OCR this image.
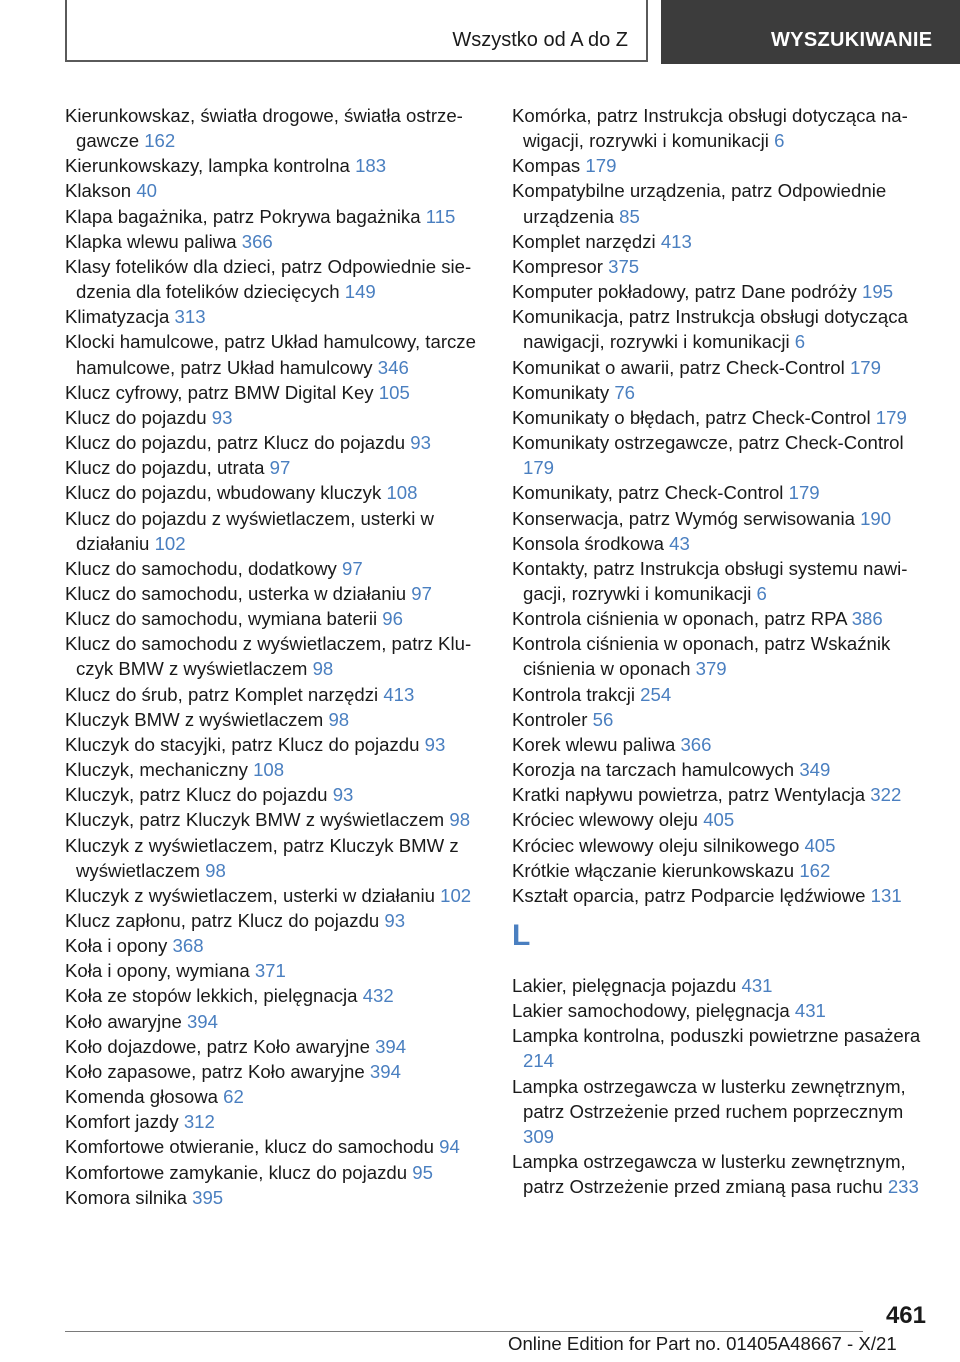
Wszystko od A do Z	WYSZUKIWANIE
Kierunkowskaz, światła drogowe, światła ostrzegawcze 162
Kierunkowskazy, lampka kontrolna 183
Klakson 40
Klapa bagażnika, patrz Pokrywa bagażnika 115
Klapka wlewu paliwa 366
Klasy fotelików dla dzieci, patrz Odpowiednie siedzenia dla fotelików dziecięcych 149
Klimatyzacja 313
Klocki hamulcowe, patrz Układ hamulcowy, tarcze hamulcowe, patrz Układ hamulcowy 346
Klucz cyfrowy, patrz BMW Digital Key 105
Klucz do pojazdu 93
Klucz do pojazdu, patrz Klucz do pojazdu 93
Klucz do pojazdu, utrata 97
Klucz do pojazdu, wbudowany kluczyk 108
Klucz do pojazdu z wyświetlaczem, usterki w działaniu 102
Klucz do samochodu, dodatkowy 97
Klucz do samochodu, usterka w działaniu 97
Klucz do samochodu, wymiana baterii 96
Klucz do samochodu z wyświetlaczem, patrz Kluczyk BMW z wyświetlaczem 98
Klucz do śrub, patrz Komplet narzędzi 413
Kluczyk BMW z wyświetlaczem 98
Kluczyk do stacyjki, patrz Klucz do pojazdu 93
Kluczyk, mechaniczny 108
Kluczyk, patrz Klucz do pojazdu 93
Kluczyk, patrz Kluczyk BMW z wyświetlaczem 98
Kluczyk z wyświetlaczem, patrz Kluczyk BMW z wyświetlaczem 98
Kluczyk z wyświetlaczem, usterki w działaniu 102
Klucz zapłonu, patrz Klucz do pojazdu 93
Koła i opony 368
Koła i opony, wymiana 371
Koła ze stopów lekkich, pielęgnacja 432
Koło awaryjne 394
Koło dojazdowe, patrz Koło awaryjne 394
Koło zapasowe, patrz Koło awaryjne 394
Komenda głosowa 62
Komfort jazdy 312
Komfortowe otwieranie, klucz do samochodu 94
Komfortowe zamykanie, klucz do pojazdu 95
Komora silnika 395
Komórka, patrz Instrukcja obsługi dotycząca nawigacji, rozrywki i komunikacji 6
Kompas 179
Kompatybilne urządzenia, patrz Odpowiednie urządzenia 85
Komplet narzędzi 413
Kompresor 375
Komputer pokładowy, patrz Dane podróży 195
Komunikacja, patrz Instrukcja obsługi dotycząca nawigacji, rozrywki i komunikacji 6
Komunikat o awarii, patrz Check-Control 179
Komunikaty 76
Komunikaty o błędach, patrz Check-Control 179
Komunikaty ostrzegawcze, patrz Check-Control 179
Komunikaty, patrz Check-Control 179
Konserwacja, patrz Wymóg serwisowania 190
Konsola środkowa 43
Kontakty, patrz Instrukcja obsługi systemu nawigacji, rozrywki i komunikacji 6
Kontrola ciśnienia w oponach, patrz RPA 386
Kontrola ciśnienia w oponach, patrz Wskaźnik ciśnienia w oponach 379
Kontrola trakcji 254
Kontroler 56
Korek wlewu paliwa 366
Korozja na tarczach hamulcowych 349
Kratki napływu powietrza, patrz Wentylacja 322
Króciec wlewowy oleju 405
Króciec wlewowy oleju silnikowego 405
Krótkie włączanie kierunkowskazu 162
Kształt oparcia, patrz Podparcie lędźwiowe 131
L
Lakier, pielęgnacja pojazdu 431
Lakier samochodowy, pielęgnacja 431
Lampka kontrolna, poduszki powietrzne pasażera 214
Lampka ostrzegawcza w lusterku zewnętrznym, patrz Ostrzeżenie przed ruchem poprzecznym 309
Lampka ostrzegawcza w lusterku zewnętrznym, patrz Ostrzeżenie przed zmianą pasa ruchu 233
461
Online Edition for Part no. 01405A48667 - X/21
